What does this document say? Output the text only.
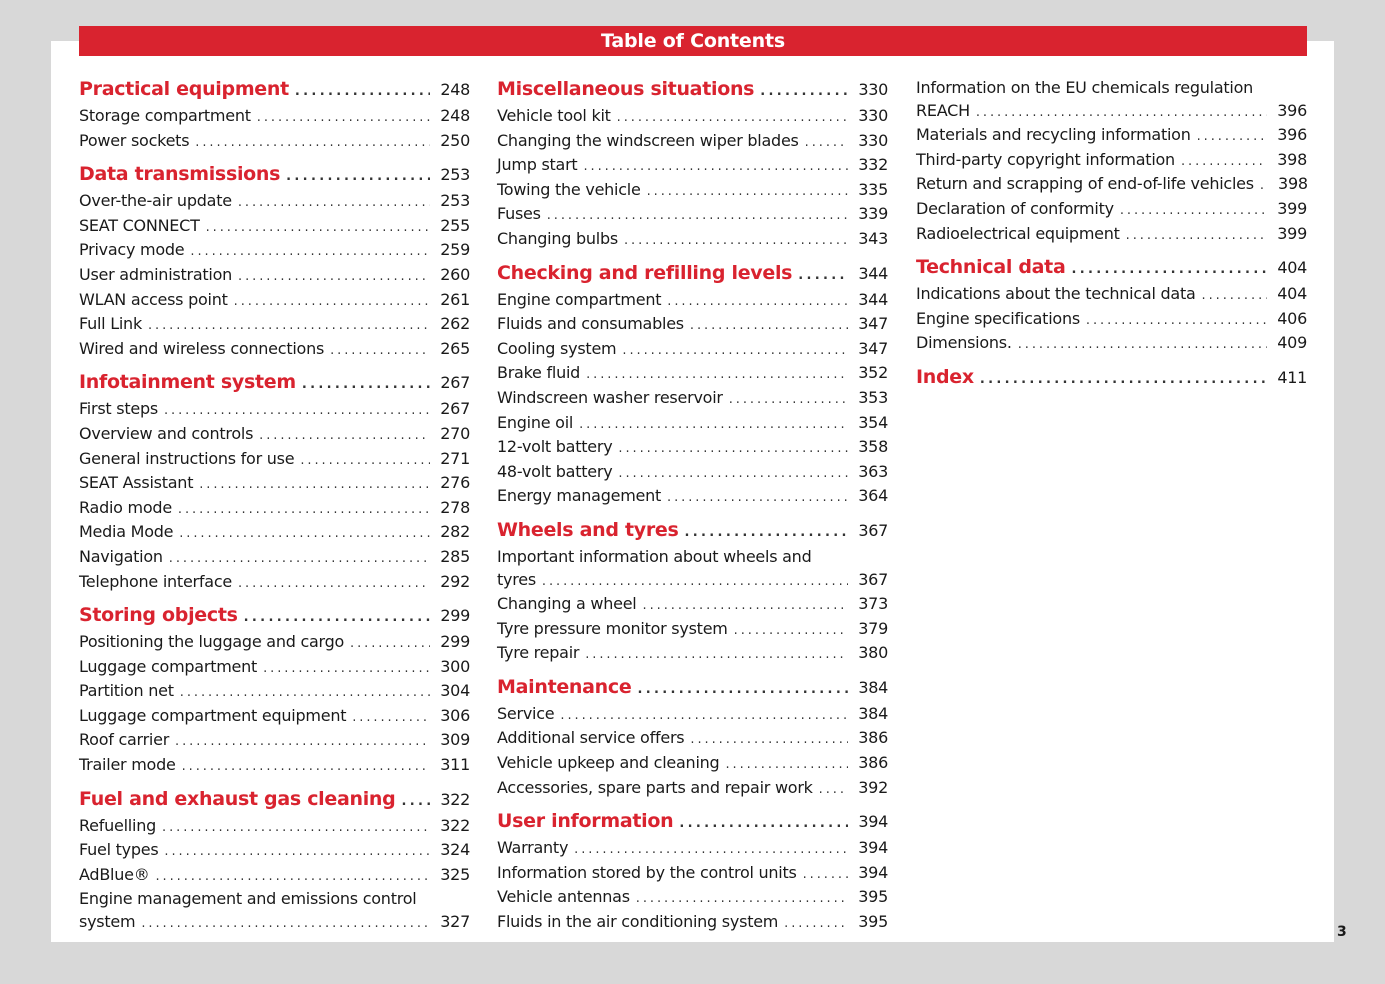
Table of Contents
Practical equipment . . .	248
Storage compartment . . .	248
Power sockets . . .	250
Data transmissions . . .	253
Over-the-air update . . .	253
SEAT CONNECT . . .	255
Privacy mode . . .	259
User administration . . .	260
WLAN access point . . .	261
Full Link . . .	262
Wired and wireless connections . . .	265
Infotainment system . . .	267
First steps . . .	267
Overview and controls . . .	270
General instructions for use . . .	271
SEAT Assistant . . .	276
Radio mode . . .	278
Media Mode . . .	282
Navigation . . .	285
Telephone interface . . .	292
Storing objects . . .	299
Positioning the luggage and cargo . . .	299
Luggage compartment . . .	300
Partition net . . .	304
Luggage compartment equipment . . .	306
Roof carrier . . .	309
Trailer mode . . .	311
Fuel and exhaust gas cleaning . . .	322
Refuelling . . .	322
Fuel types . . .	324
AdBlue® . . .	325
Engine management and emissions control
system . . .	327
Miscellaneous situations . . .	330
Vehicle tool kit . . .	330
Changing the windscreen wiper blades . . .	330
Jump start . . .	332
Towing the vehicle . . .	335
Fuses . . .	339
Changing bulbs . . .	343
Checking and refilling levels . . .	344
Engine compartment . . .	344
Fluids and consumables . . .	347
Cooling system . . .	347
Brake fluid . . .	352
Windscreen washer reservoir . . .	353
Engine oil . . .	354
12-volt battery . . .	358
48-volt battery . . .	363
Energy management . . .	364
Wheels and tyres . . .	367
Important information about wheels and
tyres . . .	367
Changing a wheel . . .	373
Tyre pressure monitor system . . .	379
Tyre repair . . .	380
Maintenance . . .	384
Service . . .	384
Additional service offers . . .	386
Vehicle upkeep and cleaning . . .	386
Accessories, spare parts and repair work . . .	392
User information . . .	394
Warranty . . .	394
Information stored by the control units . . .	394
Vehicle antennas . . .	395
Fluids in the air conditioning system . . .	395
Information on the EU chemicals regulation
REACH . . .	396
Materials and recycling information . . .	396
Third-party copyright information . . .	398
Return and scrapping of end-of-life vehicles . . .	398
Declaration of conformity . . .	399
Radioelectrical equipment . . .	399
Technical data . . .	404
Indications about the technical data . . .	404
Engine specifications . . .	406
Dimensions. . . .	409
Index . . .	411
3
